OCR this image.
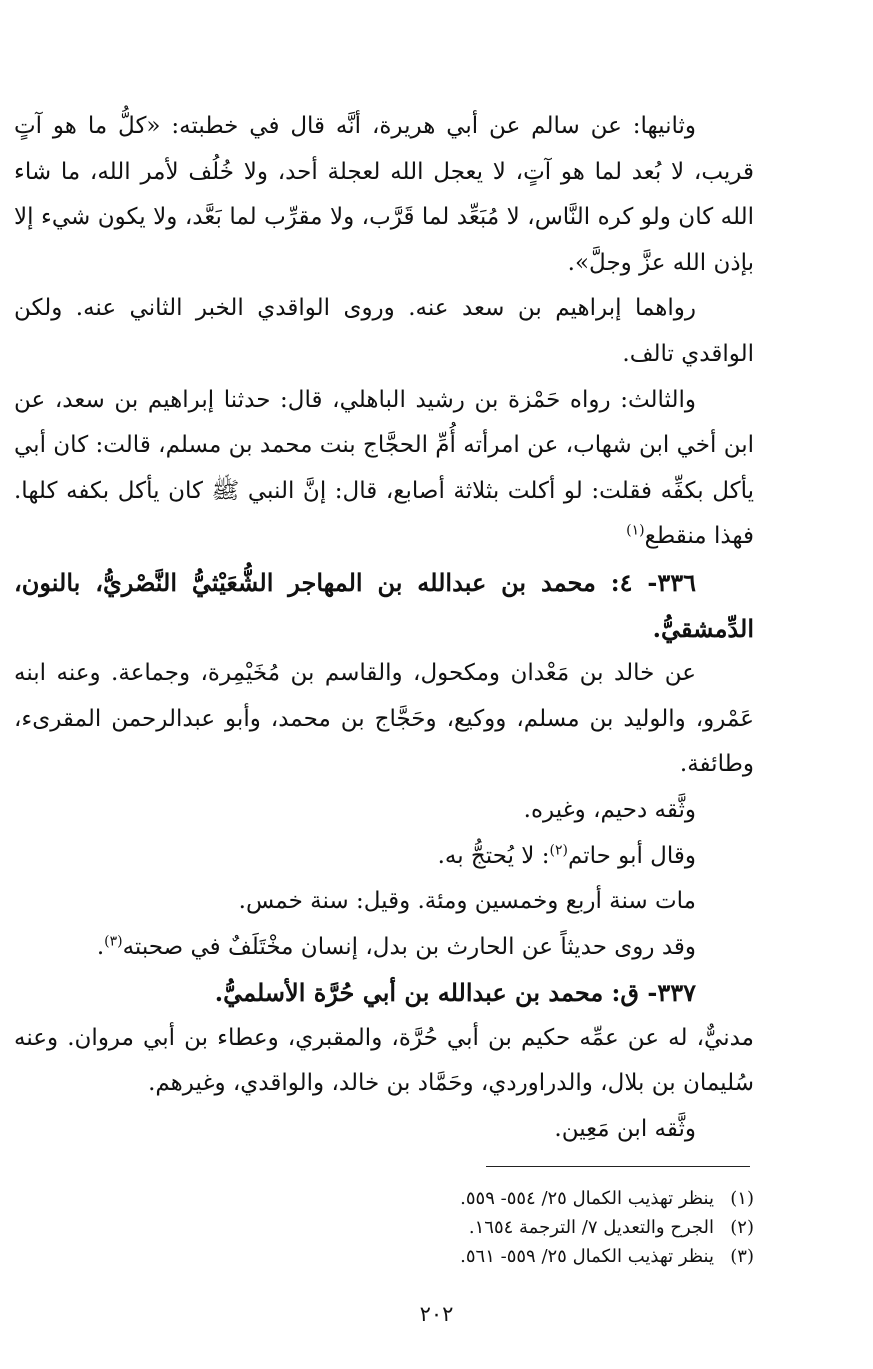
وثانيها: عن سالم عن أبي هريرة، أنَّه قال في خطبته: «كلُّ ما هو آتٍ قريب، لا بُعد لما هو آتٍ، لا يعجل الله لعجلة أحد، ولا خُلُف لأمر الله، ما شاء الله كان ولو كره النَّاس، لا مُبَعِّد لما قَرَّب، ولا مقرِّب لما بَعَّد، ولا يكون شيء إلا بإذن الله عزَّ وجلَّ».

رواهما إبراهيم بن سعد عنه. وروى الواقدي الخبر الثاني عنه. ولكن الواقدي تالف.

والثالث: رواه حَمْزة بن رشيد الباهلي، قال: حدثنا إبراهيم بن سعد، عن ابن أخي ابن شهاب، عن امرأته أُمِّ الحجَّاج بنت محمد بن مسلم، قالت: كان أبي يأكل بكفِّه فقلت: لو أكلت بثلاثة أصابع، قال: إنَّ النبي ﷺ كان يأكل بكفه كلها. فهذا منقطع$^{(١)}$

٣٣٦- ٤: محمد بن عبدالله بن المهاجر الشُّعَيْثيُّ النَّصْريُّ، بالنون، الدِّمشقيُّ.

عن خالد بن مَعْدان ومكحول، والقاسم بن مُخَيْمِرة، وجماعة. وعنه ابنه عَمْرو، والوليد بن مسلم، ووكيع، وحَجَّاج بن محمد، وأبو عبدالرحمن المقرىء، وطائفة.

وثَّقه دحيم، وغيره.

وقال أبو حاتم$^{(٢)}$: لا يُحتجُّ به.

مات سنة أربع وخمسين ومئة. وقيل: سنة خمس.

وقد روى حديثاً عن الحارث بن بدل، إنسان مخْتَلَفٌ في صحبته$^{(٣)}$.

٣٣٧- ق: محمد بن عبدالله بن أبي حُرَّة الأسلميُّ.

مدنيٌّ، له عن عمِّه حكيم بن أبي حُرَّة، والمقبري، وعطاء بن أبي مروان. وعنه سُليمان بن بلال، والدراوردي، وحَمَّاد بن خالد، والواقدي، وغيرهم.

وثَّقه ابن مَعِين.

(١)ينظر تهذيب الكمال ٢٥/ ٥٥٤- ٥٥٩.

(٢)الجرح والتعديل ٧/ الترجمة ١٦٥٤.

(٣)ينظر تهذيب الكمال ٢٥/ ٥٥٩- ٥٦١.

٢٠٢
